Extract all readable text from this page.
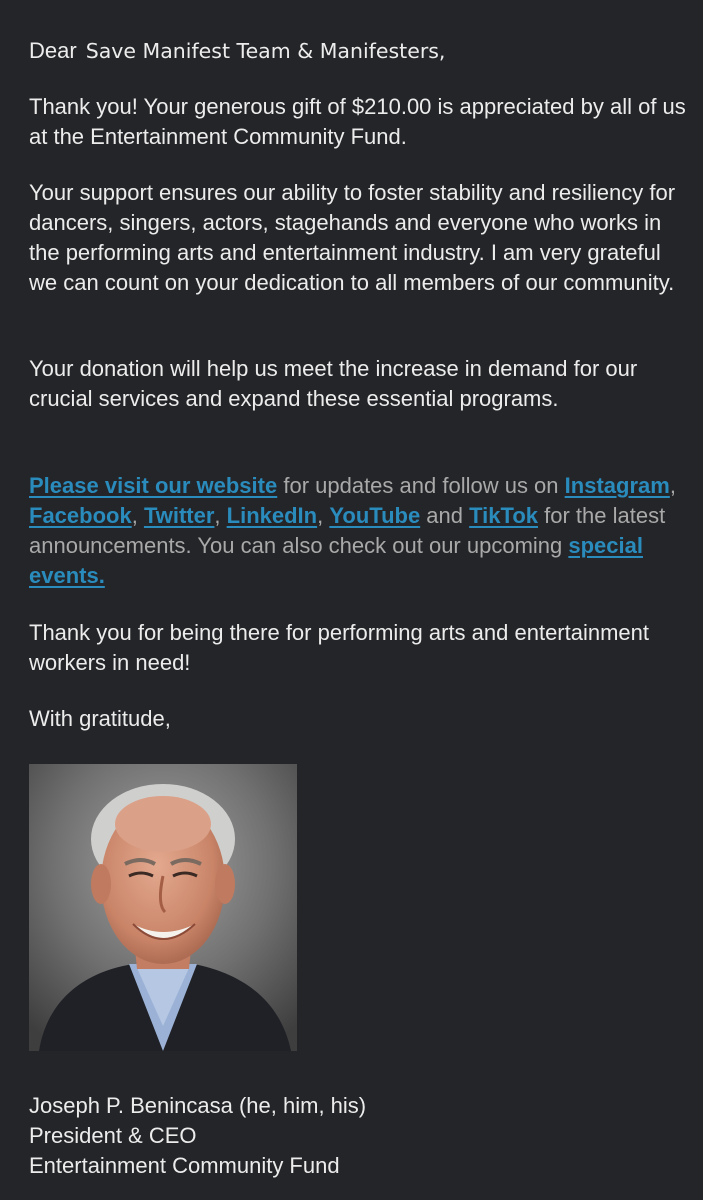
Dear Save Manifest Team & Manifesters,

Thank you! Your generous gift of $210.00 is appreciated by all of us at the Entertainment Community Fund.

Your support ensures our ability to foster stability and resiliency for dancers, singers, actors, stagehands and everyone who works in the performing arts and entertainment industry. I am very grateful we can count on your dedication to all members of our community.

Your donation will help us meet the increase in demand for our crucial services and expand these essential programs.

Please visit our website for updates and follow us on Instagram, Facebook, Twitter, LinkedIn, YouTube and TikTok for the latest announcements. You can also check out our upcoming special events.

Thank you for being there for performing arts and entertainment workers in need!

With gratitude,

Joseph P. Benincasa (he, him, his)
President & CEO
Entertainment Community Fund
